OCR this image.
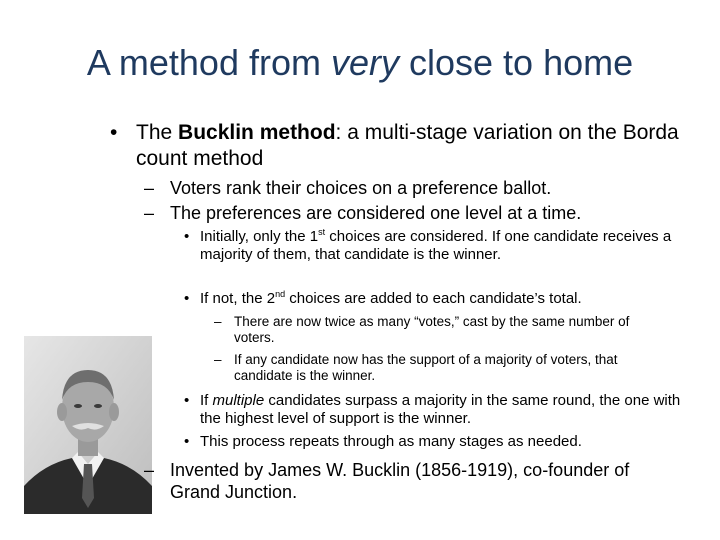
A method from very close to home
• The Bucklin method: a multi-stage variation on the Borda count method
– Voters rank their choices on a preference ballot.
– The preferences are considered one level at a time.
• Initially, only the 1st choices are considered. If one candidate receives a majority of them, that candidate is the winner.
• If not, the 2nd choices are added to each candidate’s total.
– There are now twice as many “votes,” cast by the same number of voters.
– If any candidate now has the support of a majority of voters, that candidate is the winner.
• If multiple candidates surpass a majority in the same round, the one with the highest level of support is the winner.
• This process repeats through as many stages as needed.
– Invented by James W. Bucklin (1856-1919), co-founder of Grand Junction.
